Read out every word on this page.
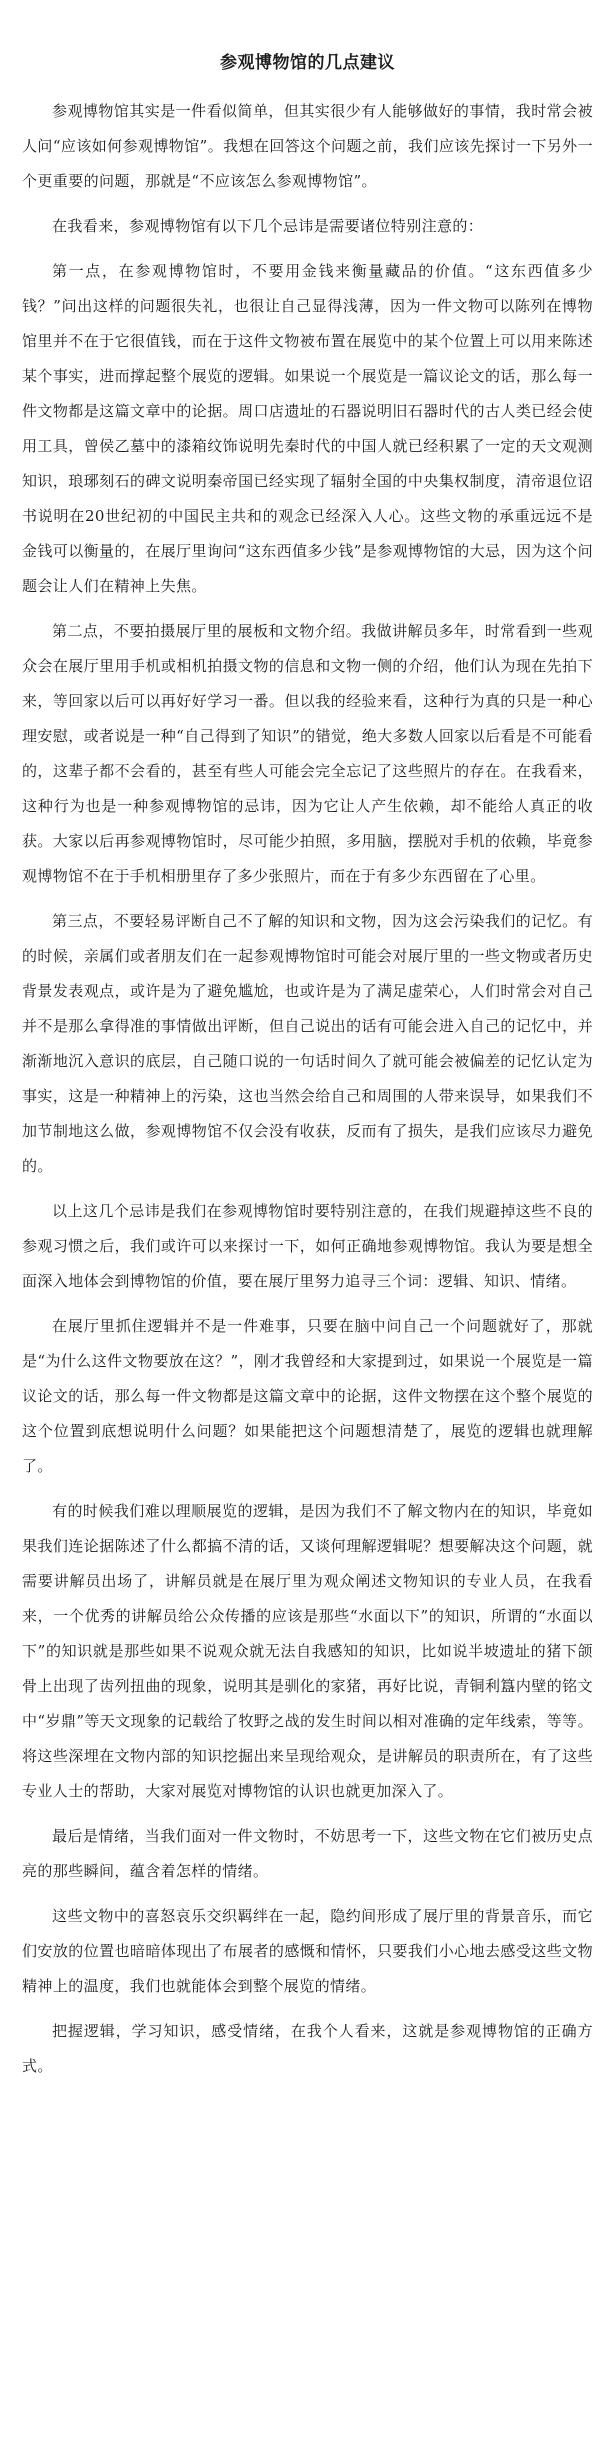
参观博物馆的几点建议

参观博物馆其实是一件看似简单，但其实很少有人能够做好的事情，我时常会被人问“应该如何参观博物馆”。我想在回答这个问题之前，我们应该先探讨一下另外一个更重要的问题，那就是“不应该怎么参观博物馆”。

在我看来，参观博物馆有以下几个忌讳是需要诸位特别注意的：

第一点，在参观博物馆时，不要用金钱来衡量藏品的价值。“这东西值多少钱？”问出这样的问题很失礼，也很让自己显得浅薄，因为一件文物可以陈列在博物馆里并不在于它很值钱，而在于这件文物被布置在展览中的某个位置上可以用来陈述某个事实，进而撑起整个展览的逻辑。如果说一个展览是一篇议论文的话，那么每一件文物都是这篇文章中的论据。周口店遗址的石器说明旧石器时代的古人类已经会使用工具，曾侯乙墓中的漆箱纹饰说明先秦时代的中国人就已经积累了一定的天文观测知识，琅琊刻石的碑文说明秦帝国已经实现了辐射全国的中央集权制度，清帝退位诏书说明在20世纪初的中国民主共和的观念已经深入人心。这些文物的承重远远不是金钱可以衡量的，在展厅里询问“这东西值多少钱”是参观博物馆的大忌，因为这个问题会让人们在精神上失焦。

第二点，不要拍摄展厅里的展板和文物介绍。我做讲解员多年，时常看到一些观众会在展厅里用手机或相机拍摄文物的信息和文物一侧的介绍，他们认为现在先拍下来，等回家以后可以再好好学习一番。但以我的经验来看，这种行为真的只是一种心理安慰，或者说是一种“自己得到了知识”的错觉，绝大多数人回家以后看是不可能看的，这辈子都不会看的，甚至有些人可能会完全忘记了这些照片的存在。在我看来，这种行为也是一种参观博物馆的忌讳，因为它让人产生依赖，却不能给人真正的收获。大家以后再参观博物馆时，尽可能少拍照，多用脑，摆脱对手机的依赖，毕竟参观博物馆不在于手机相册里存了多少张照片，而在于有多少东西留在了心里。

第三点，不要轻易评断自己不了解的知识和文物，因为这会污染我们的记忆。有的时候，亲属们或者朋友们在一起参观博物馆时可能会对展厅里的一些文物或者历史背景发表观点，或许是为了避免尴尬，也或许是为了满足虚荣心，人们时常会对自己并不是那么拿得准的事情做出评断，但自己说出的话有可能会进入自己的记忆中，并渐渐地沉入意识的底层，自己随口说的一句话时间久了就可能会被偏差的记忆认定为事实，这是一种精神上的污染，这也当然会给自己和周围的人带来误导，如果我们不加节制地这么做，参观博物馆不仅会没有收获，反而有了损失，是我们应该尽力避免的。

以上这几个忌讳是我们在参观博物馆时要特别注意的，在我们规避掉这些不良的参观习惯之后，我们或许可以来探讨一下，如何正确地参观博物馆。我认为要是想全面深入地体会到博物馆的价值，要在展厅里努力追寻三个词：逻辑、知识、情绪。

在展厅里抓住逻辑并不是一件难事，只要在脑中问自己一个问题就好了，那就是“为什么这件文物要放在这？”，刚才我曾经和大家提到过，如果说一个展览是一篇议论文的话，那么每一件文物都是这篇文章中的论据，这件文物摆在这个整个展览的这个位置到底想说明什么问题？如果能把这个问题想清楚了，展览的逻辑也就理解了。

有的时候我们难以理顺展览的逻辑，是因为我们不了解文物内在的知识，毕竟如果我们连论据陈述了什么都搞不清的话，又谈何理解逻辑呢？想要解决这个问题，就需要讲解员出场了，讲解员就是在展厅里为观众阐述文物知识的专业人员，在我看来，一个优秀的讲解员给公众传播的应该是那些“水面以下”的知识，所谓的“水面以下”的知识就是那些如果不说观众就无法自我感知的知识，比如说半坡遗址的猪下颌骨上出现了齿列扭曲的现象，说明其是驯化的家猪，再好比说，青铜利簋内壁的铭文中“岁鼎”等天文现象的记载给了牧野之战的发生时间以相对准确的定年线索，等等。将这些深埋在文物内部的知识挖掘出来呈现给观众，是讲解员的职责所在，有了这些专业人士的帮助，大家对展览对博物馆的认识也就更加深入了。

最后是情绪，当我们面对一件文物时，不妨思考一下，这些文物在它们被历史点亮的那些瞬间，蕴含着怎样的情绪。

这些文物中的喜怒哀乐交织羁绊在一起，隐约间形成了展厅里的背景音乐，而它们安放的位置也暗暗体现出了布展者的感慨和情怀，只要我们小心地去感受这些文物精神上的温度，我们也就能体会到整个展览的情绪。

把握逻辑，学习知识，感受情绪，在我个人看来，这就是参观博物馆的正确方式。
